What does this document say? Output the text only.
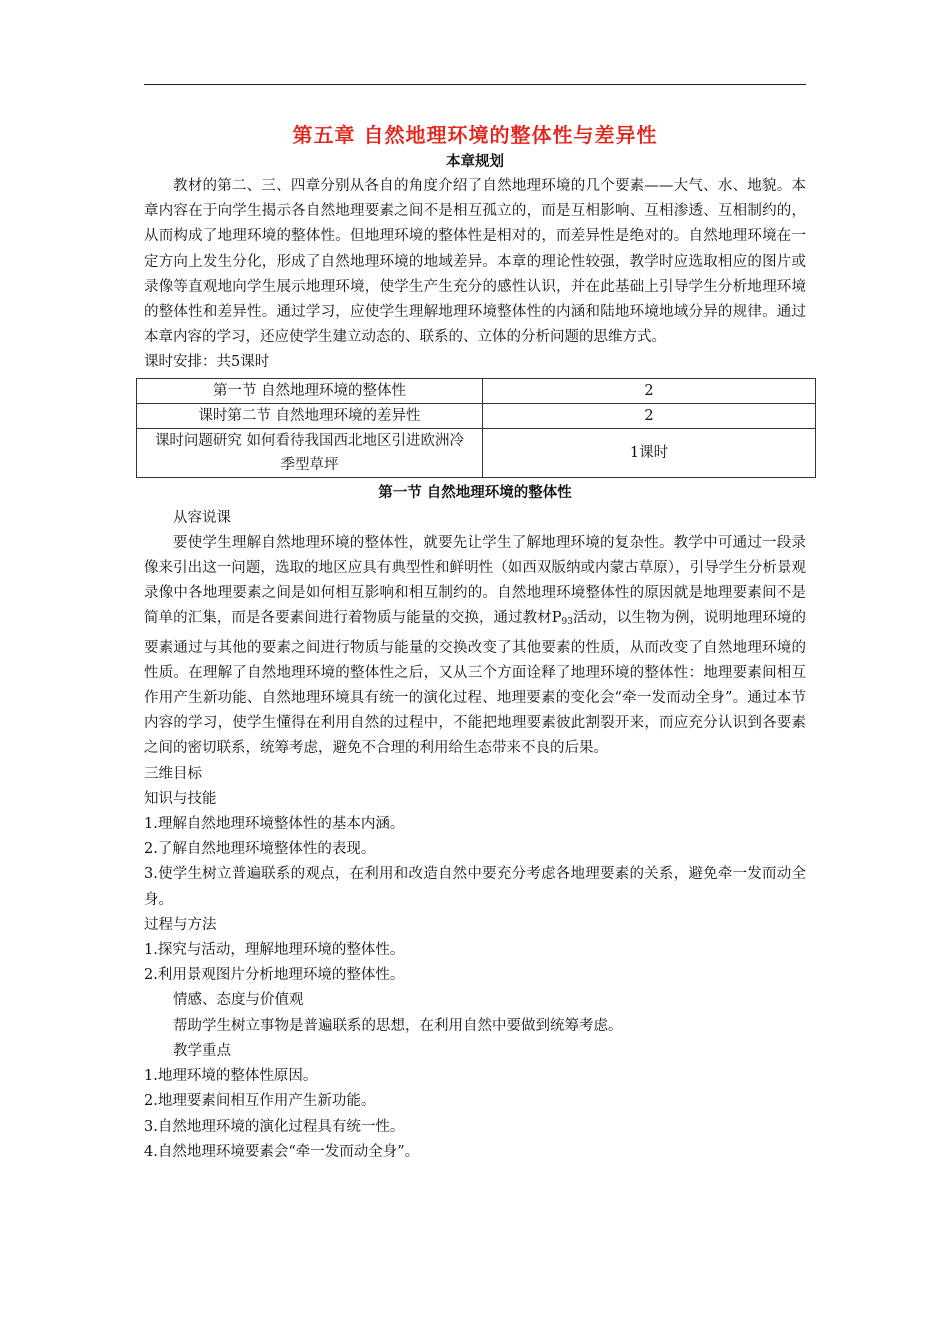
第五章 自然地理环境的整体性与差异性
本章规划

教材的第二、三、四章分别从各自的角度介绍了自然地理环境的几个要素——大气、水、地貌。本章内容在于向学生揭示各自然地理要素之间不是相互孤立的，而是互相影响、互相渗透、互相制约的，从而构成了地理环境的整体性。但地理环境的整体性是相对的，而差异性是绝对的。自然地理环境在一定方向上发生分化，形成了自然地理环境的地域差异。本章的理论性较强，教学时应选取相应的图片或录像等直观地向学生展示地理环境，使学生产生充分的感性认识，并在此基础上引导学生分析地理环境的整体性和差异性。通过学习，应使学生理解地理环境整体性的内涵和陆地环境地域分异的规律。通过本章内容的学习，还应使学生建立动态的、联系的、立体的分析问题的思维方式。

课时安排：共5课时

第一节 自然地理环境的整体性	2
课时第二节 自然地理环境的差异性	2
课时问题研究 如何看待我国西北地区引进欧洲冷季型草坪	1课时
第一节 自然地理环境的整体性

从容说课

要使学生理解自然地理环境的整体性，就要先让学生了解地理环境的复杂性。教学中可通过一段录像来引出这一问题，选取的地区应具有典型性和鲜明性（如西双版纳或内蒙古草原），引导学生分析景观录像中各地理要素之间是如何相互影响和相互制约的。自然地理环境整体性的原因就是地理要素间不是简单的汇集，而是各要素间进行着物质与能量的交换，通过教材$P_{93}$活动，以生物为例，说明地理环境的要素通过与其他的要素之间进行物质与能量的交换改变了其他要素的性质，从而改变了自然地理环境的性质。在理解了自然地理环境的整体性之后，又从三个方面诠释了地理环境的整体性：地理要素间相互作用产生新功能、自然地理环境具有统一的演化过程、地理要素的变化会“牵一发而动全身”。通过本节内容的学习，使学生懂得在利用自然的过程中，不能把地理要素彼此割裂开来，而应充分认识到各要素之间的密切联系，统筹考虑，避免不合理的利用给生态带来不良的后果。

三维目标

知识与技能

1.理解自然地理环境整体性的基本内涵。

2.了解自然地理环境整体性的表现。

3.使学生树立普遍联系的观点，在利用和改造自然中要充分考虑各地理要素的关系，避免牵一发而动全身。

过程与方法

1.探究与活动，理解地理环境的整体性。

2.利用景观图片分析地理环境的整体性。

情感、态度与价值观

帮助学生树立事物是普遍联系的思想，在利用自然中要做到统筹考虑。

教学重点

1.地理环境的整体性原因。

2.地理要素间相互作用产生新功能。

3.自然地理环境的演化过程具有统一性。

4.自然地理环境要素会“牵一发而动全身”。
